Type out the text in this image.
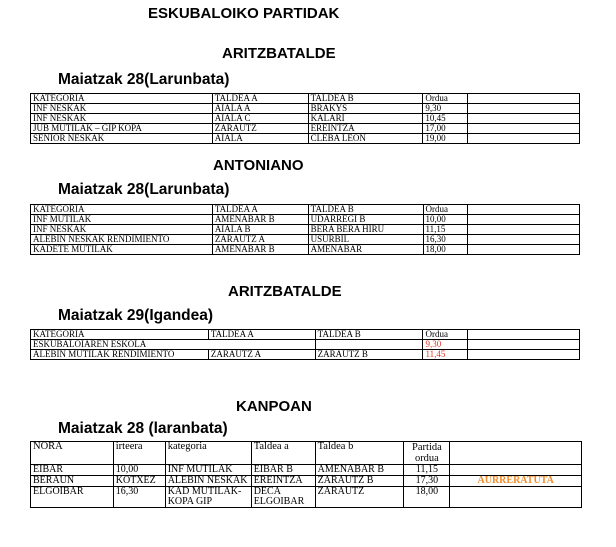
ESKUBALOIKO PARTIDAK
ARITZBATALDE
Maiatzak 28(Larunbata)
KATEGORIA	TALDEA A	TALDEA B	Ordua	
INF NESKAK	AIALA A	BRAKYS	9,30	
INF NESKAK	AIALA C	KALARI	10,45	
JUB MUTILAK – GIP KOPA	ZARAUTZ	EREINTZA	17,00	
SENIOR NESKAK	AIALA	CLEBA LEON	19,00	
ANTONIANO
Maiatzak 28(Larunbata)
KATEGORIA	TALDEA A	TALDEA B	Ordua	
INF MUTILAK	AMENABAR B	UDARREGI B	10,00	
INF NESKAK	AIALA B	BERA BERA HIRU	11,15	
ALEBIN NESKAK RENDIMIENTO	ZARAUTZ A	USURBIL	16,30	
KADETE MUTILAK	AMENABAR B	AMENABAR	18,00	
ARITZBATALDE
Maiatzak 29(Igandea)
KATEGORIA	TALDEA A	TALDEA B	Ordua	
ESKUBALOIAREN ESKOLA			9,30	
ALEBIN MUTILAK RENDIMIENTO	ZARAUTZ A	ZARAUTZ B	11,45	
KANPOAN
Maiatzak 28 (laranbata)
NORA	irteera	kategoria	Taldea a	Taldea b	Partida ordua	
EIBAR	10,00	INF MUTILAK	EIBAR B	AMENABAR B	11,15	
BERAUN	KOTXEZ	ALEBIN NESKAK	EREINTZA	ZARAUTZ B	17,30	AURRERATUTA
ELGOIBAR	16,30	KAD MUTILAK-KOPA GIP	DECA ELGOIBAR	ZARAUTZ	18,00	
